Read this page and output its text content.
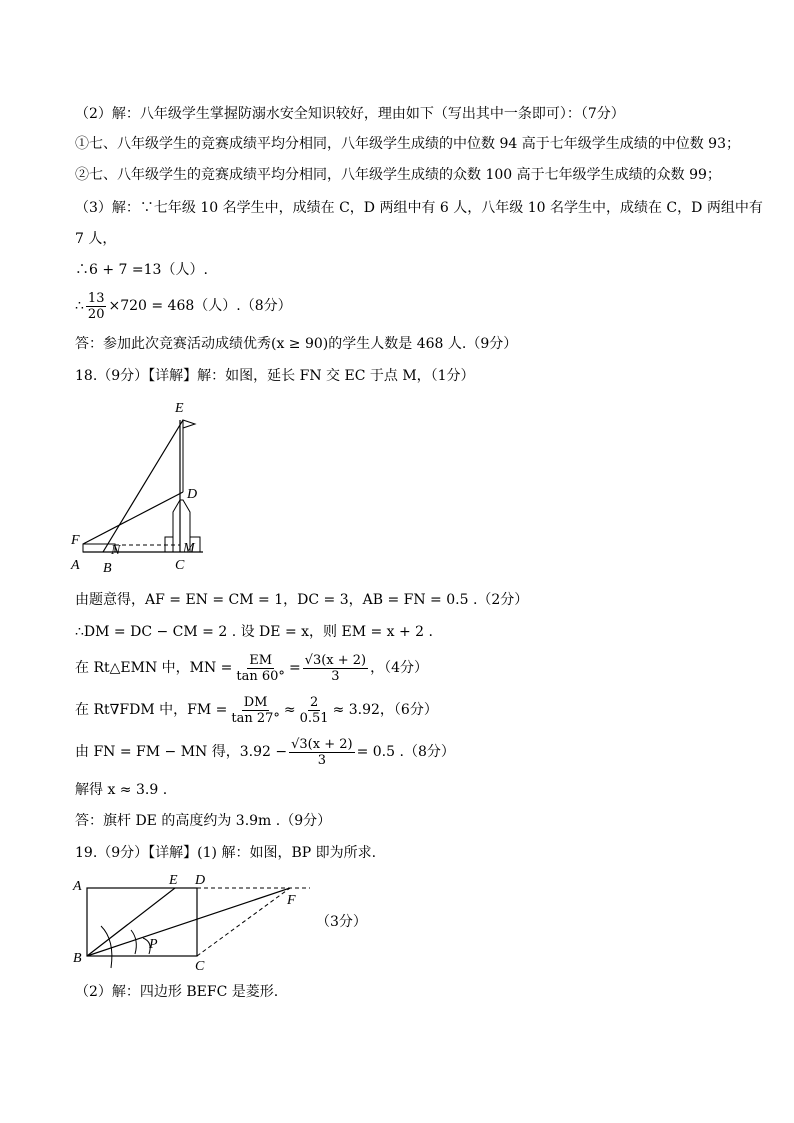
（2）解：八年级学生掌握防溺水安全知识较好，理由如下（写出其中一条即可）：（7分）
①七、八年级学生的竞赛成绩平均分相同，八年级学生成绩的中位数 94 高于七年级学生成绩的中位数 93；
②七、八年级学生的竞赛成绩平均分相同，八年级学生成绩的众数 100 高于七年级学生成绩的众数 99；
（3）解：∵七年级 10 名学生中，成绩在 C，D 两组中有 6 人，八年级 10 名学生中，成绩在 C，D 两组中有
7 人，
∴6 + 7 =13（人）.
∴ $\frac{13}{20} \times 720 = 468$（人）.（8分）
答：参加此次竞赛活动成绩优秀(x ≥ 90)的学生人数是 468 人.（9分）
18.（9分）【详解】解：如图，延长 FN 交 EC 于点 M，（1分）
E
D
F
N	M
A B	C
由题意得，AF = EN = CM = 1，DC = 3，AB = FN = 0.5 .（2分）
∴DM = DC − CM = 2 . 设 DE = x，则 EM = x + 2 .
在 Rt△EMN 中，MN = $\frac{EM}{\tan 60^\circ} = \frac{√3(x + 2)}{3}$ ，（4分）
在 Rt∇FDM 中，FM = $\frac{DM}{\tan 27^\circ} \approx \frac{2}{0.51} \approx 3.92$，（6分）
由 FN = FM − MN 得，$3.92 - \frac{√3(x + 2)}{3} = 0.5$ .（8分）
解得 x ≈ 3.9 .
答：旗杆 DE 的高度约为 3.9m .（9分）
19.（9分）【详解】(1) 解：如图，BP 即为所求.
A	E D
F
B
P
C
（3分）
（2）解：四边形 BEFC 是菱形.
